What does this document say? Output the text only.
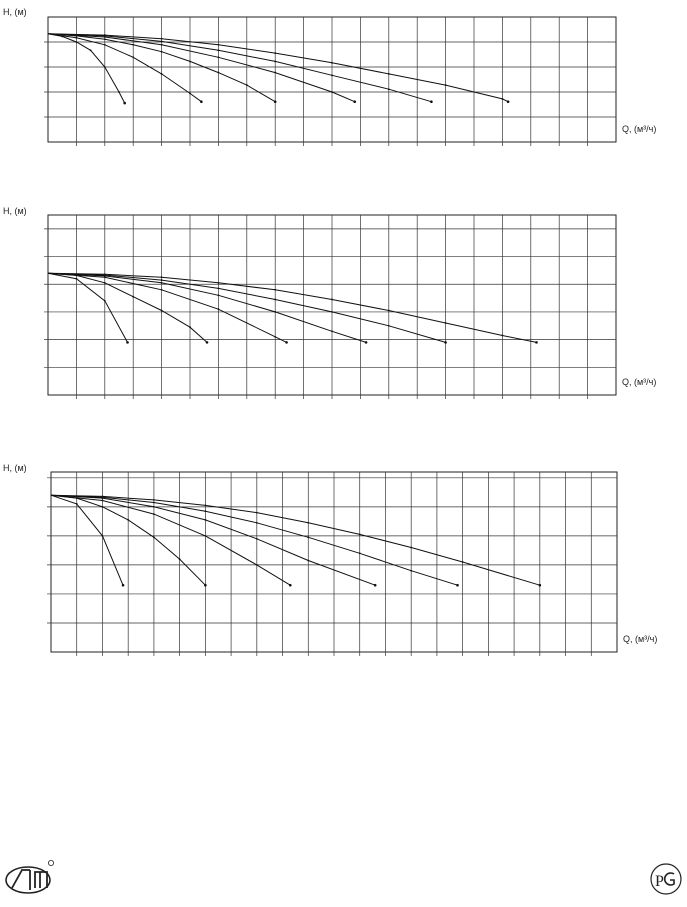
H, (м)
Q, (м³/ч)
H, (м)
Q, (м³/ч)
H, (м)
Q, (м³/ч)
P
